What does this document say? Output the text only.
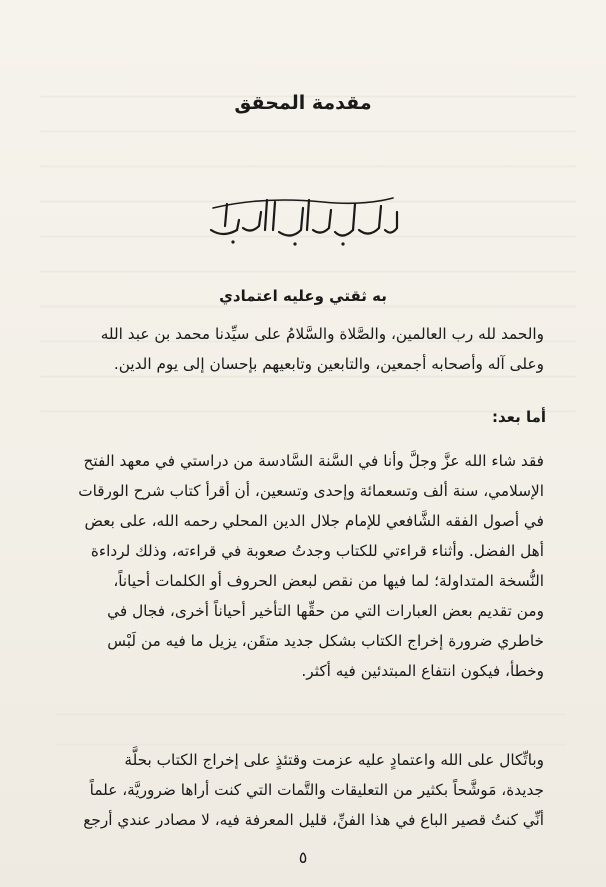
مقدمة المحقق
به ثقتي وعليه اعتمادي
والحمد لله رب العالمين، والصَّلاة والسَّلامُ على سيِّدنا محمد بن عبد الله
وعلى آله وأصحابه أجمعين، والتابعين وتابعيهم بإحسان إلى يوم الدين.
أما بعد:
فقد شاء الله عزَّ وجلَّ وأنا في السَّنة السَّادسة من دراستي في معهد الفتح
الإسلامي، سنة ألف وتسعمائة وإحدى وتسعين، أن أقرأ كتاب شرح الورقات
في أصول الفقه الشَّافعي للإمام جلال الدين المحلي رحمه الله، على بعض
أهل الفضل. وأثناء قراءتي للكتاب وجدتُ صعوبة في قراءته، وذلك لرداءة
النُّسخة المتداولة؛ لما فيها من نقص لبعض الحروف أو الكلمات أحياناً،
ومن تقديم بعض العبارات التي من حقِّها التأخير أحياناً أخرى، فجال في
خاطري ضرورة إخراج الكتاب بشكل جديد متقَن، يزيل ما فيه من لَبْس
وخطأ، فيكون انتفاع المبتدئين فيه أكثر.
وباتِّكال على الله واعتمادٍ عليه عزمت وقتئذٍ على إخراج الكتاب بحلَّة
جديدة، مَوشَّحاً بكثير من التعليقات والتَّمات التي كنت أراها ضروريَّة، علماً
أنِّي كنتُ قصير الباع في هذا الفنِّ، قليل المعرفة فيه، لا مصادر عندي أرجع
٥
